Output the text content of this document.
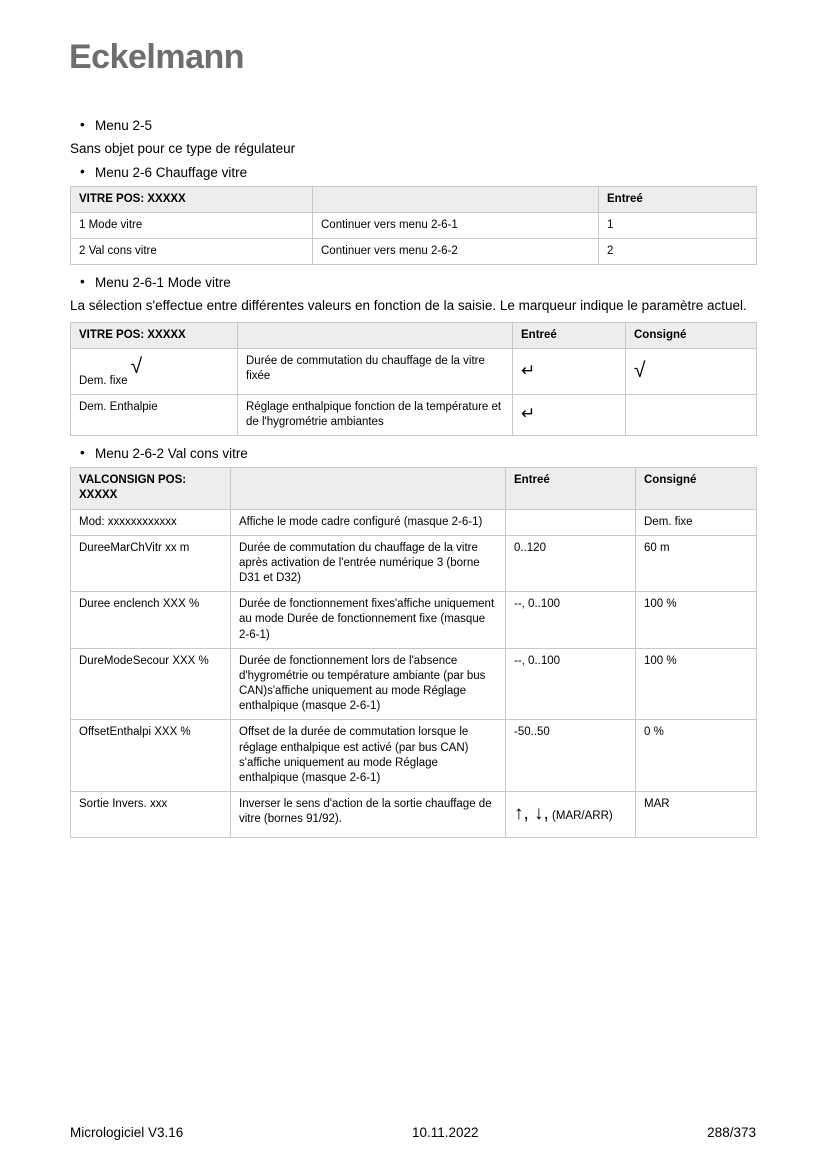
Eckelmann
• Menu 2-5

Sans objet pour ce type de régulateur

• Menu 2-6 Chauffage vitre
VITRE POS: XXXXX		Entreé
1 Mode vitre	Continuer vers menu 2-6-1	1
2 Val cons vitre	Continuer vers menu 2-6-2	2
• Menu 2-6-1 Mode vitre

La sélection s'effectue entre différentes valeurs en fonction de la saisie. Le marqueur indique le paramètre actuel.

VITRE POS: XXXXX		Entreé	Consigné
Dem. fixe√	Durée de commutation du chauffage de la vitre fixée	↵	√
Dem. Enthalpie	Réglage enthalpique fonction de la température et de l'hygrométrie ambiantes	↵	
• Menu 2-6-2 Val cons vitre
VALCONSIGN POS: XXXXX		Entreé	Consigné
Mod: xxxxxxxxxxxx	Affiche le mode cadre configuré (masque 2-6-1)		Dem. fixe
DureeMarChVitr xx m	Durée de commutation du chauffage de la vitre après activation de l'entrée numérique 3 (borne D31 et D32)	0..120	60 m
Duree enclench XXX %	Durée de fonctionnement fixes'affiche uniquement au mode Durée de fonctionnement fixe (masque 2-6-1)	--, 0..100	100 %
DureModeSecour XXX %	Durée de fonctionnement lors de l'absence d'hygrométrie ou température ambiante (par bus CAN)s'affiche uniquement au mode Réglage enthalpique (masque 2-6-1)	--, 0..100	100 %
OffsetEnthalpi XXX %	Offset de la durée de commutation lorsque le réglage enthalpique est activé (par bus CAN) s'affiche uniquement au mode Réglage enthalpique (masque 2-6-1)	-50..50	0 %
Sortie Invers. xxx	Inverser le sens d'action de la sortie chauffage de vitre (bornes 91/92).	↑, ↓, (MAR/ARR)	MAR
Micrologiciel V3.16	10.11.2022	288/373
